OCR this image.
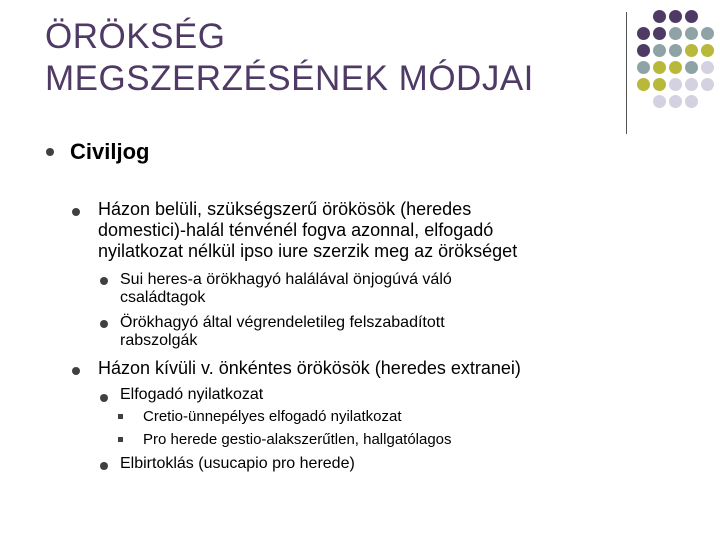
ÖRÖKSÉG
MEGSZERZÉSÉNEK MÓDJAI
Civiljog
Házon belüli, szükségszerű örökösök (heredes
domestici)-halál ténvénél fogva azonnal, elfogadó
nyilatkozat nélkül ipso iure szerzik meg az örökséget
Sui heres-a örökhagyó halálával önjogúvá váló
családtagok
Örökhagyó által végrendeletileg felszabadított
rabszolgák
Házon kívüli v. önkéntes örökösök (heredes extranei)
Elfogadó nyilatkozat
Cretio-ünnepélyes elfogadó nyilatkozat
Pro herede gestio-alakszerűtlen, hallgatólagos
Elbirtoklás (usucapio pro herede)
